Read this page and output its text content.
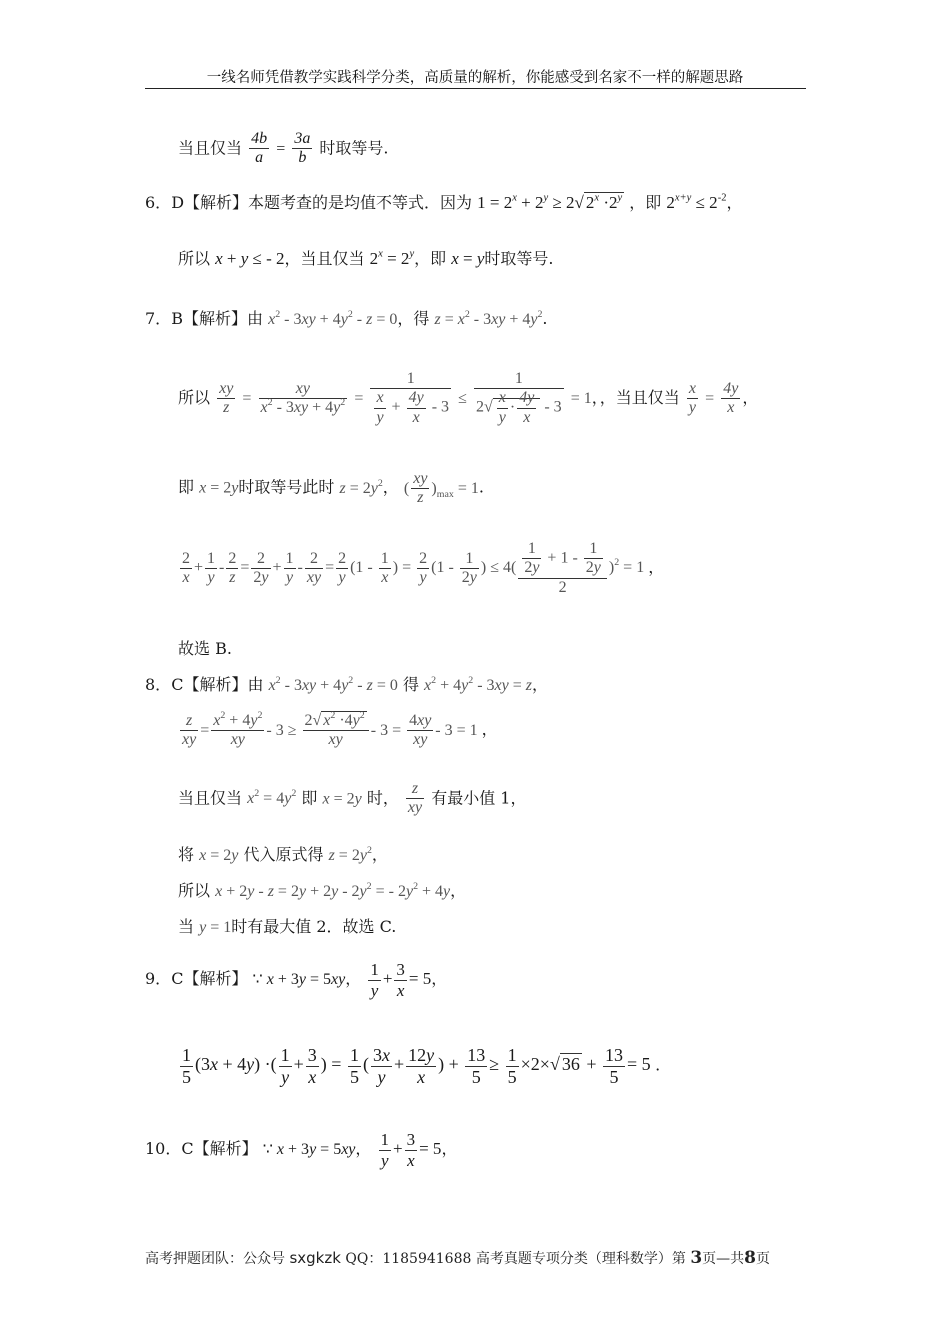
一线名师凭借教学实践科学分类，高质量的解析，你能感受到名家不一样的解题思路
当且仅当 $\frac{4b}{a} = \frac{3a}{b}$ 时取等号.
6．D【解析】本题考查的是均值不等式．因为 $1 = 2^x + 2^y \ge 2√$ $2^x \cdot 2^y$ ，即 $2^{x+y} \le 2^{-2}$，
所以 x + y ≤ - 2，当且仅当 $2^x = 2^y$，即 x = y时取等号.
7．B【解析】由 $x^2 - 3xy + 4y^2 - z = 0$，得 $z = x^2 - 3xy + 4y^2$.
所以 $\frac{xy}{z} = \frac{xy}{x^2 - 3xy + 4y^2} = \frac{1}{\frac{x}{y} + \frac{4y}{x} - 3} \le \frac{1}{2√ \frac{x}{y} \cdot \frac{4y}{x} - 3} = 1$，，当且仅当 $\frac{x}{y} = \frac{4y}{x}$ ，
即 x = 2y时取等号此时 $z = 2y^2$， ( $\frac{xy}{z} )_{max} = 1$.
$\frac{2}{x} + \frac{1}{y} - \frac{2}{z} = \frac{2}{2y} + \frac{1}{y} - \frac{2}{xy} = \frac{2}{y} (1 - \frac{1}{x}$ ) = $\frac{2}{y} (1 - \frac{1}{2y}$ ) ≤ $4( \frac{\frac{1}{2y} + 1 - \frac{1}{2y}}{2} )^2 = 1$ ，
故选 B.
8．C【解析】由 $x^2 - 3xy + 4y^2 - z = 0$ 得 $x^2 + 4y^2 - 3xy = z$，
$\frac{z}{xy} = \frac{x^2 + 4y^2}{xy} - 3 \ge \frac{2√ x^2 \cdot 4y^2}{xy} - 3 = \frac{4xy}{xy} - 3 = 1$ ，
当且仅当 $x^2 = 4y^2$ 即 x = 2y 时， $\frac{z}{xy}$ 有最小值 1，
将 x = 2y 代入原式得 $z = 2y^2$，
所以 $x + 2y - z = 2y + 2y - 2y^2$ = - $2y^2 + 4y$，
当 y = 1时有最大值 2．故选 C.
9．C【解析】 ∵ x + 3y = 5xy， $\frac{1}{y} + \frac{3}{x} = 5$，
$\frac{1}{5} (3x + 4y)$ ·( $\frac{1}{y} + \frac{3}{x}$ ) = $\frac{1}{5}$ ( $\frac{3x}{y} + \frac{12y}{x}$ ) + $\frac{13}{5} \ge \frac{1}{5} \times 2\times√$ $36 + \frac{13}{5} = 5$ .
10．C【解析】 ∵ x + 3y = 5xy， $\frac{1}{y} + \frac{3}{x} = 5$，
高考押题团队：公众号 sxgkzk QQ：1185941688 高考真题专项分类（理科数学）第 3页—共8页
